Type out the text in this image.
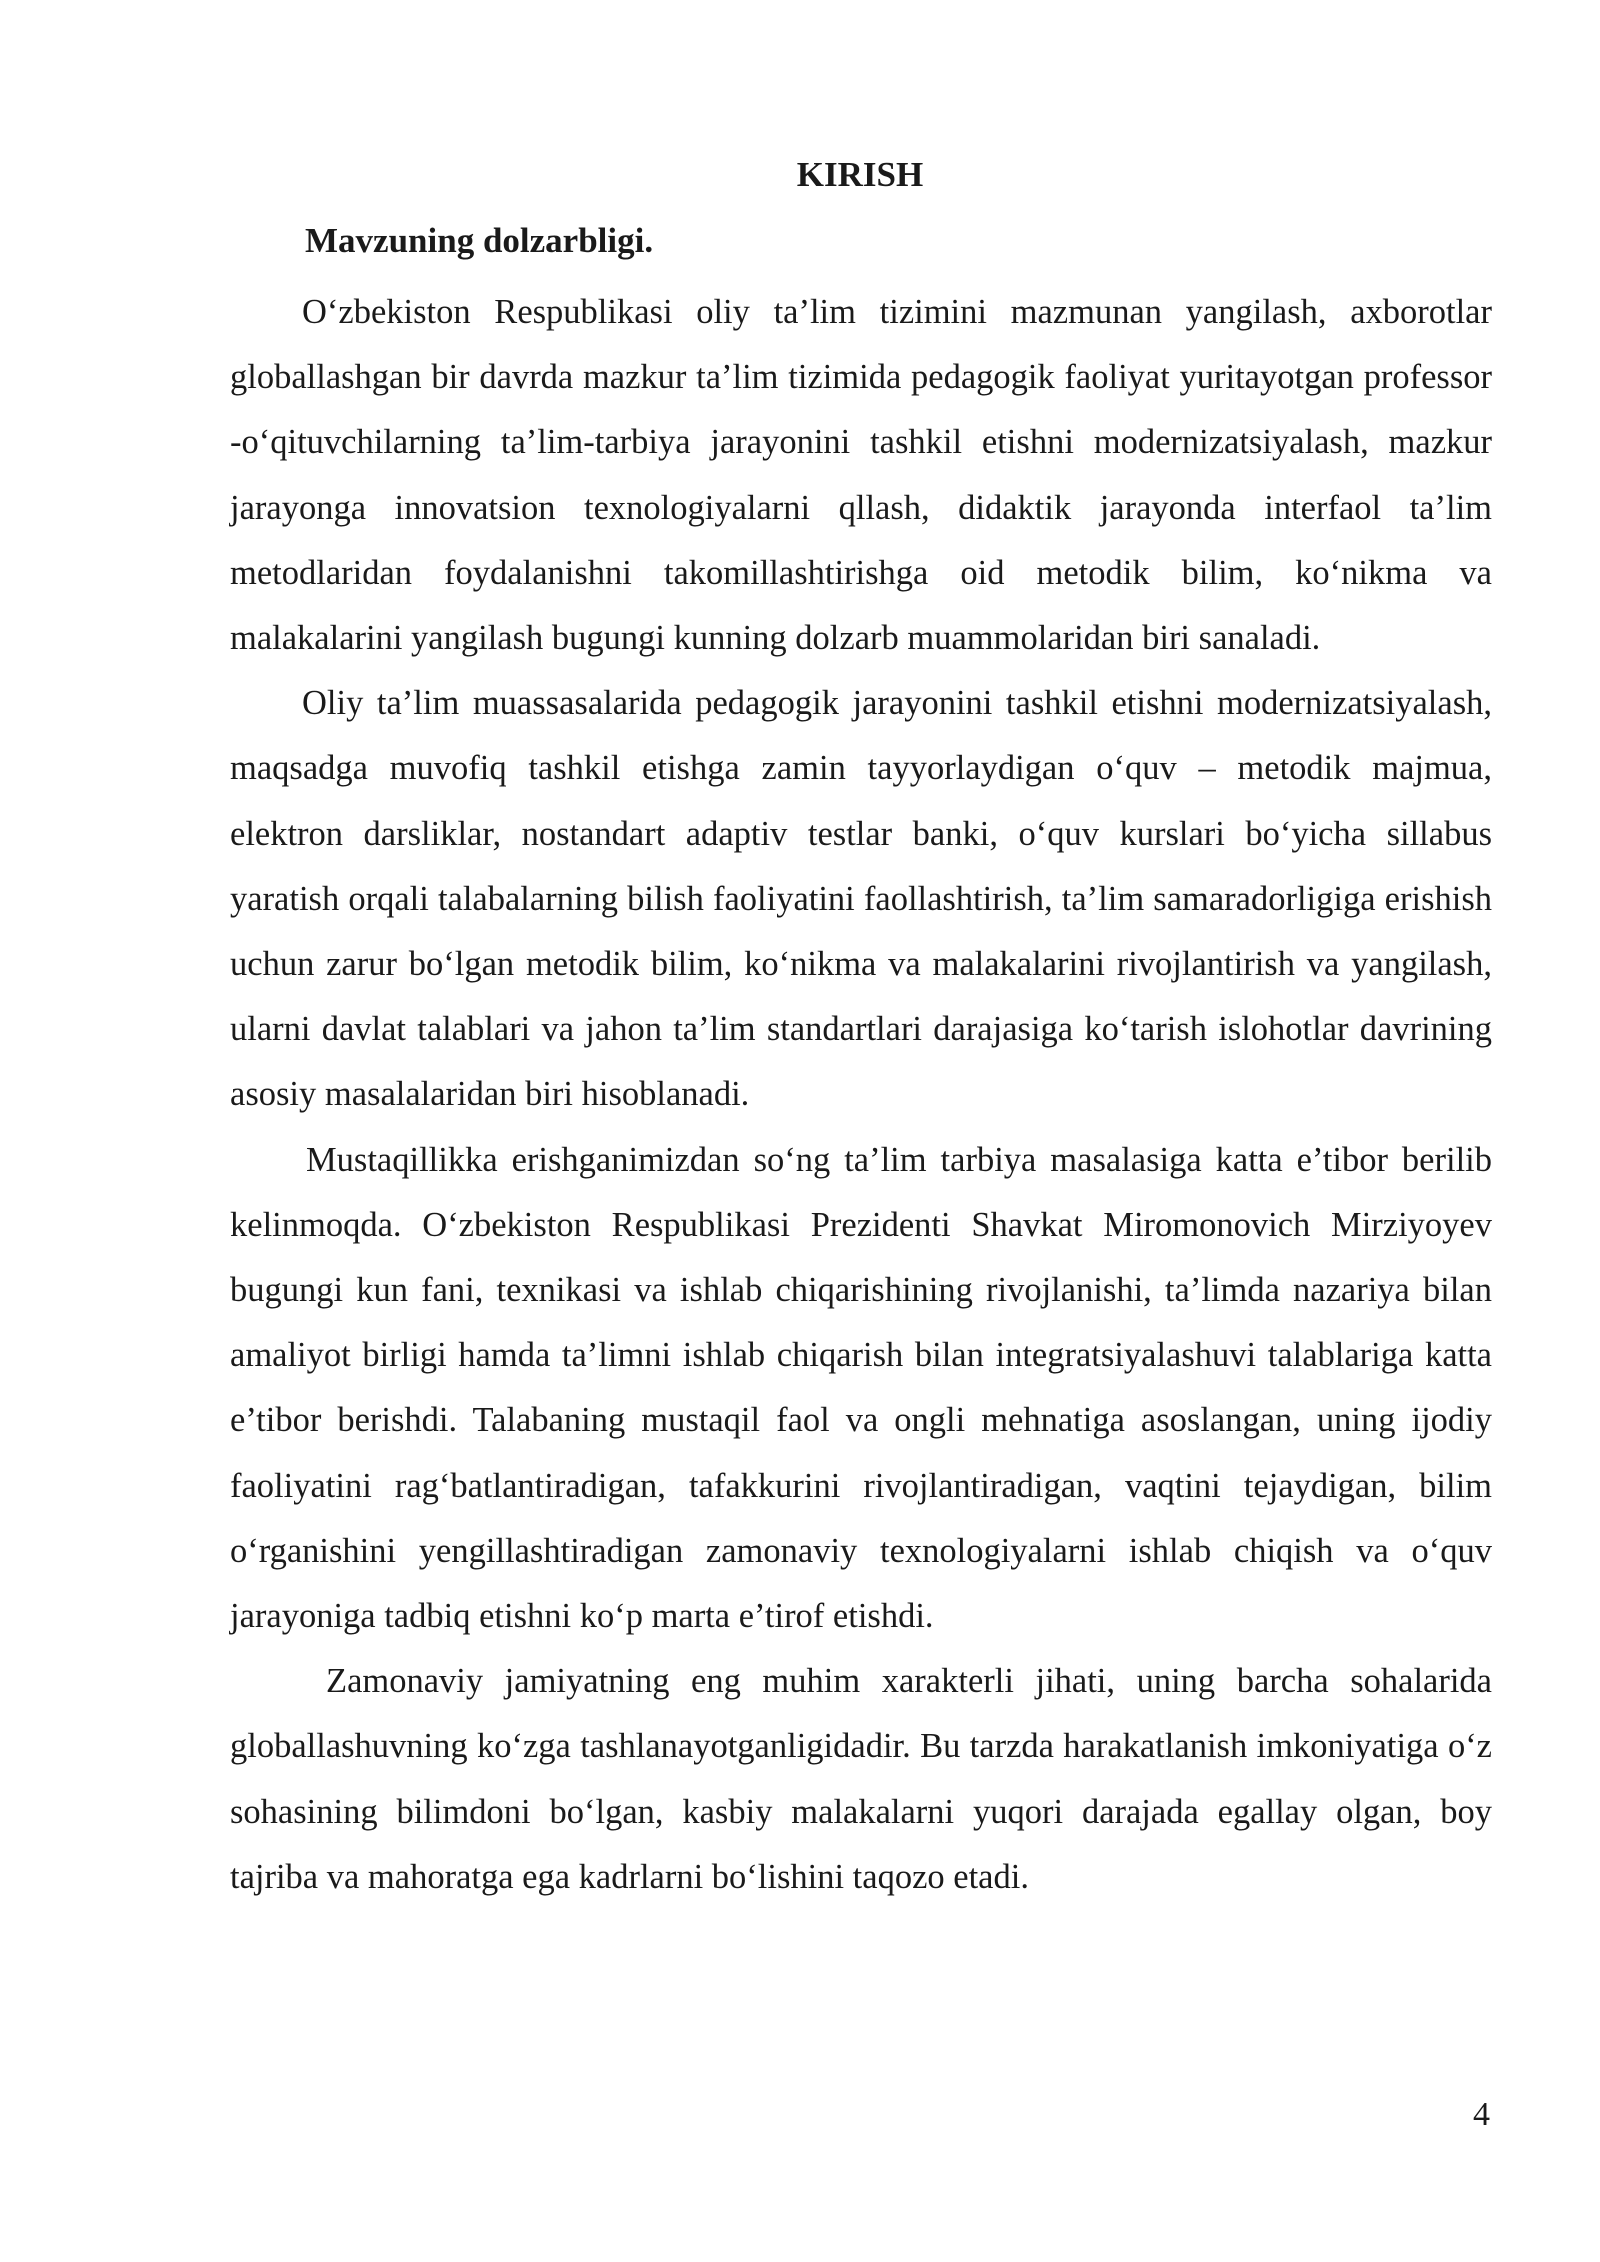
KIRISH
Mavzuning dolzarbligi.

O‘zbekiston Respublikasi oliy ta’lim tizimini mazmunan yangilash, axborotlar globallashgan bir davrda mazkur ta’lim tizimida pedagogik faoliyat yuritayotgan professor -o‘qituvchilarning ta’lim-tarbiya jarayonini tashkil etishni modernizatsiyalash, mazkur jarayonga innovatsion texnologiyalarni qllash, didaktik jarayonda interfaol ta’lim metodlaridan foydalanishni takomillashtirishga oid metodik bilim, ko‘nikma va malakalarini yangilash bugungi kunning dolzarb muammolaridan biri sanaladi.

Oliy ta’lim muassasalarida pedagogik jarayonini tashkil etishni modernizatsiyalash, maqsadga muvofiq tashkil etishga zamin tayyorlaydigan o‘quv – metodik majmua, elektron darsliklar, nostandart adaptiv testlar banki, o‘quv kurslari bo‘yicha sillabus yaratish orqali talabalarning bilish faoliyatini faollashtirish, ta’lim samaradorligiga erishish uchun zarur bo‘lgan metodik bilim, ko‘nikma va malakalarini rivojlantirish va yangilash, ularni davlat talablari va jahon ta’lim standartlari darajasiga ko‘tarish islohotlar davrining asosiy masalalaridan biri hisoblanadi.

Mustaqillikka erishganimizdan so‘ng ta’lim tarbiya masalasiga katta e’tibor berilib kelinmoqda. O‘zbekiston Respublikasi Prezidenti Shavkat Miromonovich Mirziyoyev bugungi kun fani, texnikasi va ishlab chiqarishining rivojlanishi, ta’limda nazariya bilan amaliyot birligi hamda ta’limni ishlab chiqarish bilan integratsiyalashuvi talablariga katta e’tibor berishdi. Talabaning mustaqil faol va ongli mehnatiga asoslangan, uning ijodiy faoliyatini rag‘batlantiradigan, tafakkurini rivojlantiradigan, vaqtini tejaydigan, bilim o‘rganishini yengillashtiradigan zamonaviy texnologiyalarni ishlab chiqish va o‘quv jarayoniga tadbiq etishni ko‘p marta e’tirof etishdi.

Zamonaviy jamiyatning eng muhim xarakterli jihati, uning barcha sohalarida globallashuvning ko‘zga tashlanayotganligidadir. Bu tarzda harakatlanish imkoniyatiga o‘z sohasining bilimdoni bo‘lgan, kasbiy malakalarni yuqori darajada egallay olgan, boy tajriba va mahoratga ega kadrlarni bo‘lishini taqozo etadi.

4
